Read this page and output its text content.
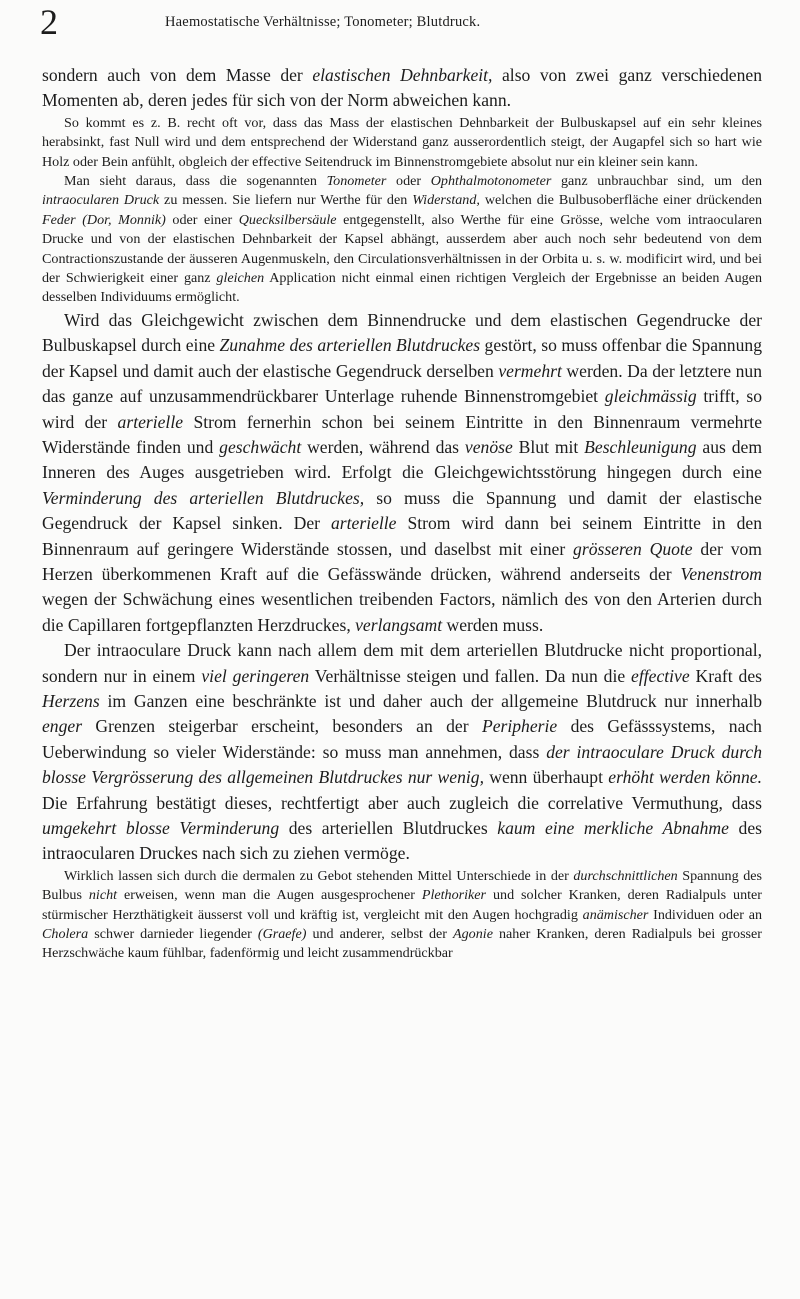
2	Haemostatische Verhältnisse; Tonometer; Blutdruck.

sondern auch von dem Masse der elastischen Dehnbarkeit, also von zwei ganz verschiedenen Momenten ab, deren jedes für sich von der Norm abweichen kann.

So kommt es z. B. recht oft vor, dass das Mass der elastischen Dehnbarkeit der Bulbuskapsel auf ein sehr kleines herabsinkt, fast Null wird und dem entsprechend der Widerstand ganz ausserordentlich steigt, der Augapfel sich so hart wie Holz oder Bein anfühlt, obgleich der effective Seitendruck im Binnenstromgebiete absolut nur ein kleiner sein kann.

Man sieht daraus, dass die sogenannten Tonometer oder Ophthalmotonometer ganz unbrauchbar sind, um den intraocularen Druck zu messen. Sie liefern nur Werthe für den Widerstand, welchen die Bulbusoberfläche einer drückenden Feder (Dor, Monnik) oder einer Quecksilbersäule entgegenstellt, also Werthe für eine Grösse, welche vom intraocularen Drucke und von der elastischen Dehnbarkeit der Kapsel abhängt, ausserdem aber auch noch sehr bedeutend von dem Contractionszustande der äusseren Augenmuskeln, den Circulationsverhältnissen in der Orbita u. s. w. modificirt wird, und bei der Schwierigkeit einer ganz gleichen Application nicht einmal einen richtigen Vergleich der Ergebnisse an beiden Augen desselben Individuums ermöglicht.

Wird das Gleichgewicht zwischen dem Binnendrucke und dem elastischen Gegendrucke der Bulbuskapsel durch eine Zunahme des arteriellen Blutdruckes gestört, so muss offenbar die Spannung der Kapsel und damit auch der elastische Gegendruck derselben vermehrt werden. Da der letztere nun das ganze auf unzusammendrückbarer Unterlage ruhende Binnenstromgebiet gleichmässig trifft, so wird der arterielle Strom fernerhin schon bei seinem Eintritte in den Binnenraum vermehrte Widerstände finden und geschwächt werden, während das venöse Blut mit Beschleunigung aus dem Inneren des Auges ausgetrieben wird. Erfolgt die Gleichgewichtsstörung hingegen durch eine Verminderung des arteriellen Blutdruckes, so muss die Spannung und damit der elastische Gegendruck der Kapsel sinken. Der arterielle Strom wird dann bei seinem Eintritte in den Binnenraum auf geringere Widerstände stossen, und daselbst mit einer grösseren Quote der vom Herzen überkommenen Kraft auf die Gefässwände drücken, während anderseits der Venenstrom wegen der Schwächung eines wesentlichen treibenden Factors, nämlich des von den Arterien durch die Capillaren fortgepflanzten Herzdruckes, verlangsamt werden muss.

Der intraoculare Druck kann nach allem dem mit dem arteriellen Blutdrucke nicht proportional, sondern nur in einem viel geringeren Verhältnisse steigen und fallen. Da nun die effective Kraft des Herzens im Ganzen eine beschränkte ist und daher auch der allgemeine Blutdruck nur innerhalb enger Grenzen steigerbar erscheint, besonders an der Peripherie des Gefässsystems, nach Ueberwindung so vieler Widerstände: so muss man annehmen, dass der intraoculare Druck durch blosse Vergrösserung des allgemeinen Blutdruckes nur wenig, wenn überhaupt erhöht werden könne. Die Erfahrung bestätigt dieses, rechtfertigt aber auch zugleich die correlative Vermuthung, dass umgekehrt blosse Verminderung des arteriellen Blutdruckes kaum eine merkliche Abnahme des intraocularen Druckes nach sich zu ziehen vermöge.

Wirklich lassen sich durch die dermalen zu Gebot stehenden Mittel Unterschiede in der durchschnittlichen Spannung des Bulbus nicht erweisen, wenn man die Augen ausgesprochener Plethoriker und solcher Kranken, deren Radialpuls unter stürmischer Herzthätigkeit äusserst voll und kräftig ist, vergleicht mit den Augen hochgradig anämischer Individuen oder an Cholera schwer darnieder liegender (Graefe) und anderer, selbst der Agonie naher Kranken, deren Radialpuls bei grosser Herzschwäche kaum fühlbar, fadenförmig und leicht zusammendrückbar
